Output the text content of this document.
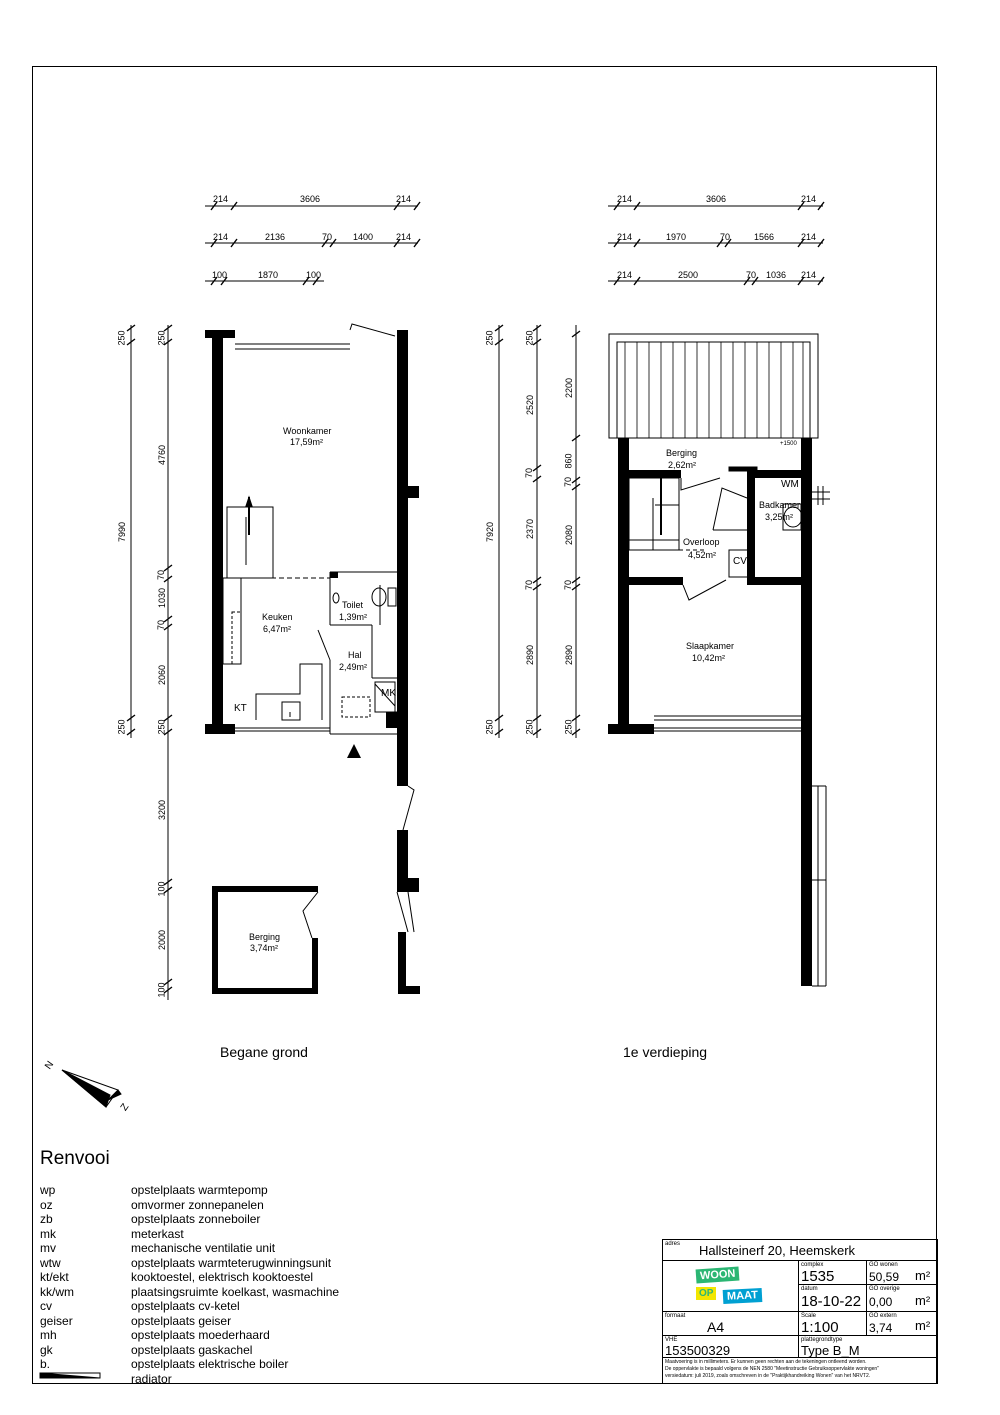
214	3606	214
214	2136	70 1400	214
100	1870	100
250
7990
250
250
4760
70
1030
70
2060
250
3200
100
2000
100
Woonkamer
17,59m²
Keuken
6,47m²
Toilet
1,39m²
Hal
2,49m²
Berging
3,74m²
KT
MK
214	3606	214
214	1970	70	1566	214
214	2500	70 1036 214
250
7920
250
250
2520
70
2370
70
2890
250
2200
860
70
2080
70
2890
250
Berging
2,62m²
Badkamer
3,25m²
Overloop
4,52m²
Slaapkamer
10,42m²
WM
CV
+1500
Begane grond	1e verdieping
N
Z
Renvooi
wp	opstelplaats warmtepomp
oz	omvormer zonnepanelen
zb	opstelplaats zonneboiler
mk	meterkast
mv	mechanische ventilatie unit
wtw	opstelplaats warmteterugwinningsunit
kt/ekt	kooktoestel, elektrisch kooktoestel
kk/wm	plaatsingsruimte koelkast, wasmachine
cv	opstelplaats cv-ketel
geiser	opstelplaats geiser
mh	opstelplaats moederhaard
gk	opstelplaats gaskachel
b.	opstelplaats elektrische boiler
radiator
adres Hallsteinerf 20, Heemskerk
WOON
OP	MAAT
complex
1535
GO wonen
50,59 m²
datum
18-10-22
GO overige
0,00 m²
formaat
A4
Scale
1:100
GO extern
3,74 m²
VHE
153500329
plattegrondtype
Type B_M
Maatvoering is in millimeters. Er kunnen geen rechten aan de tekeningen ontleend worden.
De oppervlakte is bepaald volgens de NEN 2580 "Meetinstructie Gebruiksoppervlakte woningen"
versiedatum: juli 2019, zoals omschreven in de "Praktijkhandreiking Wonen" van het NRVT2.
